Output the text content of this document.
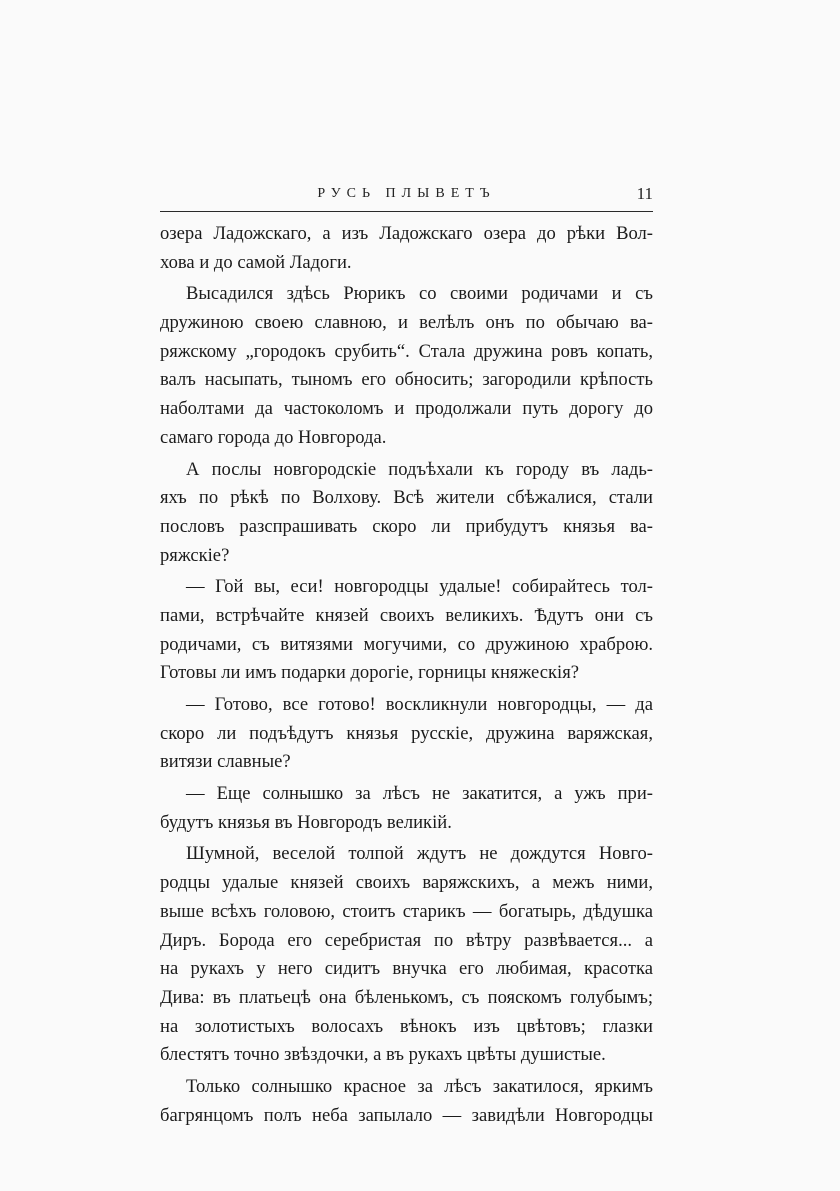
РУСЬ ПЛЫВЕТЪ	11
озера Ладожскаго, а изъ Ладожскаго озера до рѣки Вол-
хова и до самой Ладоги.
Высадился здѣсь Рюрикъ со своими родичами и съ
дружиною своею славною, и велѣлъ онъ по обычаю ва-
ряжскому „городокъ срубить“. Стала дружина ровъ копать,
валъ насыпать, тыномъ его обносить; загородили крѣпость
наболтами да частоколомъ и продолжали путь дорогу до
самаго города до Новгорода.
А послы новгородскіе подъѣхали къ городу въ ладь-
яхъ по рѣкѣ по Волхову. Всѣ жители сбѣжалися, стали
пословъ разспрашивать скоро ли прибудутъ князья ва-
ряжскіе?
— Гой вы, еси! новгородцы удалые! собирайтесь тол-
пами, встрѣчайте князей своихъ великихъ. Ѣдутъ они съ
родичами, съ витязями могучими, со дружиною храброю.
Готовы ли имъ подарки дорогіе, горницы княжескія?
— Готово, все готово! воскликнули новгородцы, — да
скоро ли подъѣдутъ князья русскіе, дружина варяжская,
витязи славные?
— Еще солнышко за лѣсъ не закатится, а ужъ при-
будутъ князья въ Новгородъ великій.
Шумной, веселой толпой ждутъ не дождутся Новго-
родцы удалые князей своихъ варяжскихъ, а межъ ними,
выше всѣхъ головою, стоитъ старикъ — богатырь, дѣдушка
Диръ. Борода его серебристая по вѣтру развѣвается... а
на рукахъ у него сидитъ внучка его любимая, красотка
Дива: въ платьецѣ она бѣленькомъ, съ пояскомъ голубымъ;
на золотистыхъ волосахъ вѣнокъ изъ цвѣтовъ; глазки
блестятъ точно звѣздочки, а въ рукахъ цвѣты душистые.
Только солнышко красное за лѣсъ закатилося, яркимъ
багрянцомъ полъ неба запылало — завидѣли Новгородцы
